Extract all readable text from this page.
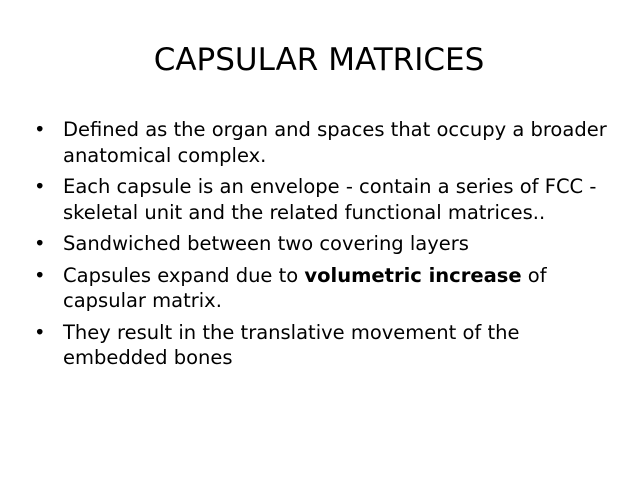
CAPSULAR MATRICES
• Defined as the organ and spaces that occupy a broader anatomical complex.
• Each capsule is an envelope - contain a series of FCC - skeletal unit and the related functional matrices..
• Sandwiched between two covering layers
• Capsules expand due to volumetric increase of capsular matrix.
• They result in the translative movement of the embedded bones
